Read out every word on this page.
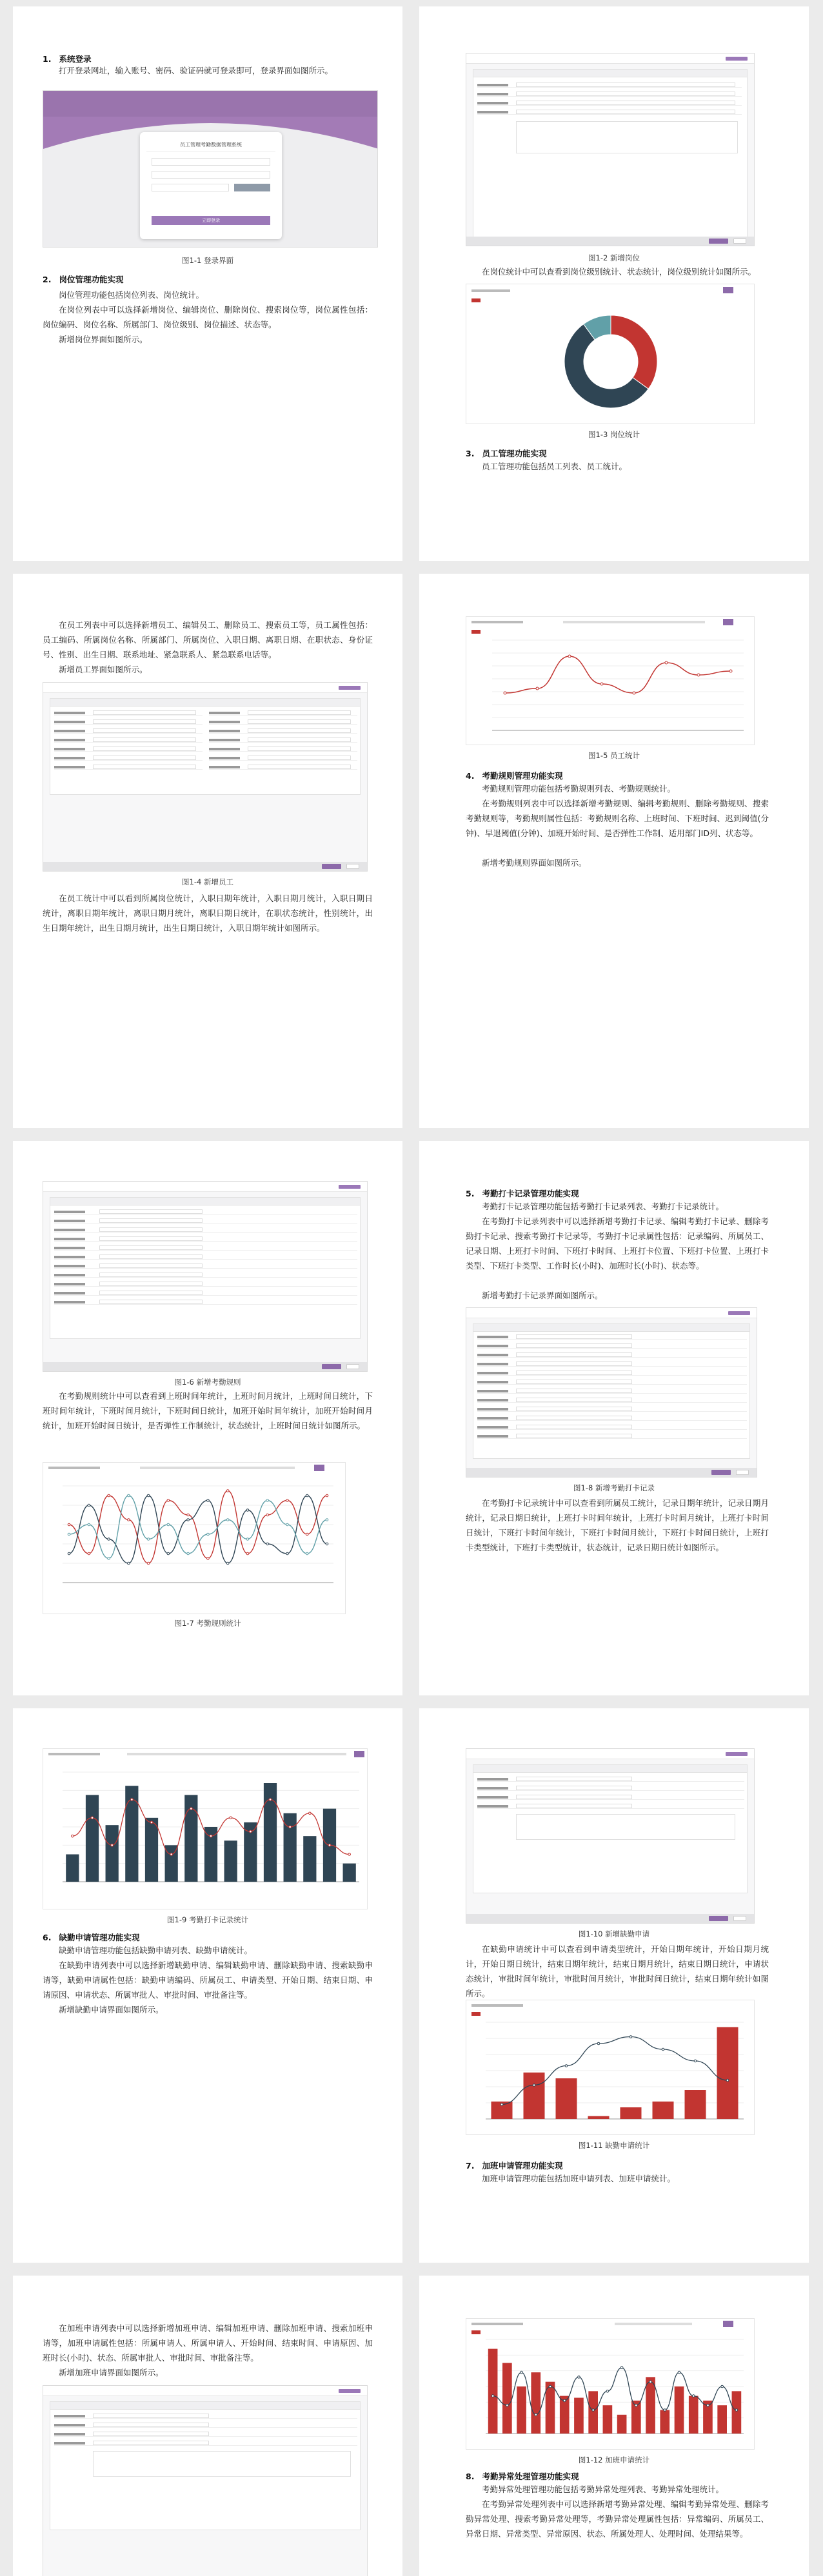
1. 系统登录
打开登录网址，输入账号、密码、验证码就可登录即可，登录界面如图所示。
员工管理考勤数据管理系统
立即登录
图1-1 登录界面
2. 岗位管理功能实现
岗位管理功能包括岗位列表、岗位统计。
在岗位列表中可以选择新增岗位、编辑岗位、删除岗位、搜索岗位等，岗位属性包括：岗位编码、岗位名称、所属部门、岗位级别、岗位描述、状态等。
新增岗位界面如图所示。
图1-2 新增岗位
在岗位统计中可以查看到岗位级别统计、状态统计，岗位级别统计如图所示。
图1-3 岗位统计
3. 员工管理功能实现
员工管理功能包括员工列表、员工统计。
在员工列表中可以选择新增员工、编辑员工、删除员工、搜索员工等，员工属性包括：员工编码、所属岗位名称、所属部门、所属岗位、入职日期、离职日期、在职状态、身份证号、性别、出生日期、联系地址、紧急联系人、紧急联系电话等。
新增员工界面如图所示。
图1-4 新增员工
在员工统计中可以看到所属岗位统计，入职日期年统计，入职日期月统计，入职日期日统计，离职日期年统计，离职日期月统计，离职日期日统计，在职状态统计，性别统计，出生日期年统计，出生日期月统计，出生日期日统计，入职日期年统计如图所示。
图1-5 员工统计
4. 考勤规则管理功能实现
考勤规则管理功能包括考勤规则列表、考勤规则统计。
在考勤规则列表中可以选择新增考勤规则、编辑考勤规则、删除考勤规则、搜索考勤规则等，考勤规则属性包括：考勤规则名称、上班时间、下班时间、迟到阈值(分钟)、早退阈值(分钟)、加班开始时间、是否弹性工作制、适用部门ID列、状态等。
新增考勤规则界面如图所示。
图1-6 新增考勤规则
在考勤规则统计中可以查看到上班时间年统计，上班时间月统计，上班时间日统计，下班时间年统计，下班时间月统计，下班时间日统计，加班开始时间年统计，加班开始时间月统计，加班开始时间日统计，是否弹性工作制统计，状态统计，上班时间日统计如图所示。
图1-7 考勤规则统计
5. 考勤打卡记录管理功能实现
考勤打卡记录管理功能包括考勤打卡记录列表、考勤打卡记录统计。
在考勤打卡记录列表中可以选择新增考勤打卡记录、编辑考勤打卡记录、删除考勤打卡记录、搜索考勤打卡记录等，考勤打卡记录属性包括：记录编码、所属员工、记录日期、上班打卡时间、下班打卡时间、上班打卡位置、下班打卡位置、上班打卡类型、下班打卡类型、工作时长(小时)、加班时长(小时)、状态等。
新增考勤打卡记录界面如图所示。
图1-8 新增考勤打卡记录
在考勤打卡记录统计中可以查看到所属员工统计，记录日期年统计，记录日期月统计，记录日期日统计，上班打卡时间年统计，上班打卡时间月统计，上班打卡时间日统计，下班打卡时间年统计，下班打卡时间月统计，下班打卡时间日统计，上班打卡类型统计，下班打卡类型统计，状态统计，记录日期日统计如图所示。
图1-9 考勤打卡记录统计
6. 缺勤申请管理功能实现
缺勤申请管理功能包括缺勤申请列表、缺勤申请统计。
在缺勤申请列表中可以选择新增缺勤申请、编辑缺勤申请、删除缺勤申请、搜索缺勤申请等，缺勤申请属性包括：缺勤申请编码、所属员工、申请类型、开始日期、结束日期、申请原因、申请状态、所属审批人、审批时间、审批备注等。
新增缺勤申请界面如图所示。
图1-10 新增缺勤申请
在缺勤申请统计中可以查看到申请类型统计，开始日期年统计，开始日期月统计，开始日期日统计，结束日期年统计，结束日期月统计，结束日期日统计，申请状态统计，审批时间年统计，审批时间月统计，审批时间日统计，结束日期年统计如图所示。
图1-11 缺勤申请统计
7. 加班申请管理功能实现
加班申请管理功能包括加班申请列表、加班申请统计。
在加班申请列表中可以选择新增加班申请、编辑加班申请、删除加班申请、搜索加班申请等，加班申请属性包括：所属申请人、所属申请人、开始时间、结束时间、申请原因、加班时长(小时)、状态、所属审批人、审批时间、审批备注等。
新增加班申请界面如图所示。
图1-12 加班申请统计
8. 考勤异常处理管理功能实现
考勤异常处理管理功能包括考勤异常处理列表、考勤异常处理统计。
在考勤异常处理列表中可以选择新增考勤异常处理、编辑考勤异常处理、删除考勤异常处理、搜索考勤异常处理等，考勤异常处理属性包括：异常编码、所属员工、异常日期、异常类型、异常原因、状态、所属处理人、处理时间、处理结果等。
